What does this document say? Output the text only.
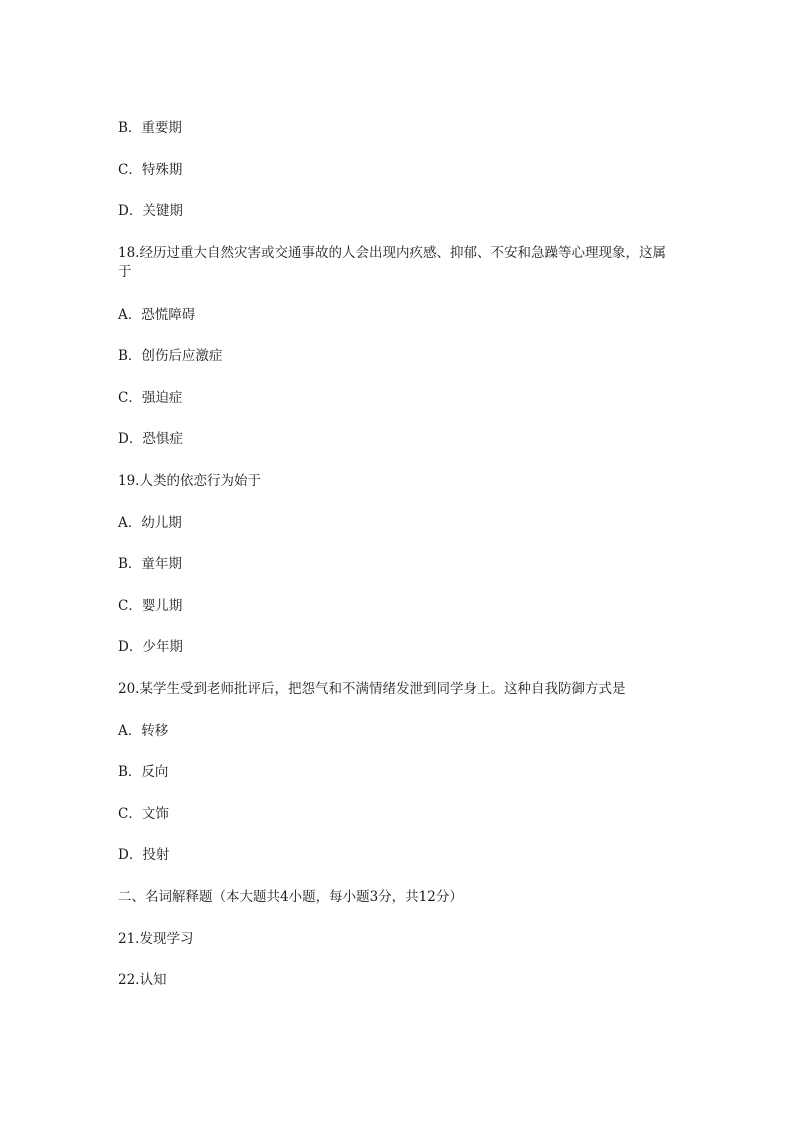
B．重要期
C．特殊期
D．关键期
18.经历过重大自然灾害或交通事故的人会出现内疚感、抑郁、不安和急躁等心理现象，这属于
A．恐慌障碍
B．创伤后应激症
C．强迫症
D．恐惧症
19.人类的依恋行为始于
A．幼儿期
B．童年期
C．婴儿期
D．少年期
20.某学生受到老师批评后，把怨气和不满情绪发泄到同学身上。这种自我防御方式是
A．转移
B．反向
C．文饰
D．投射
二、名词解释题（本大题共4小题，每小题3分，共12分）
21.发现学习
22.认知
